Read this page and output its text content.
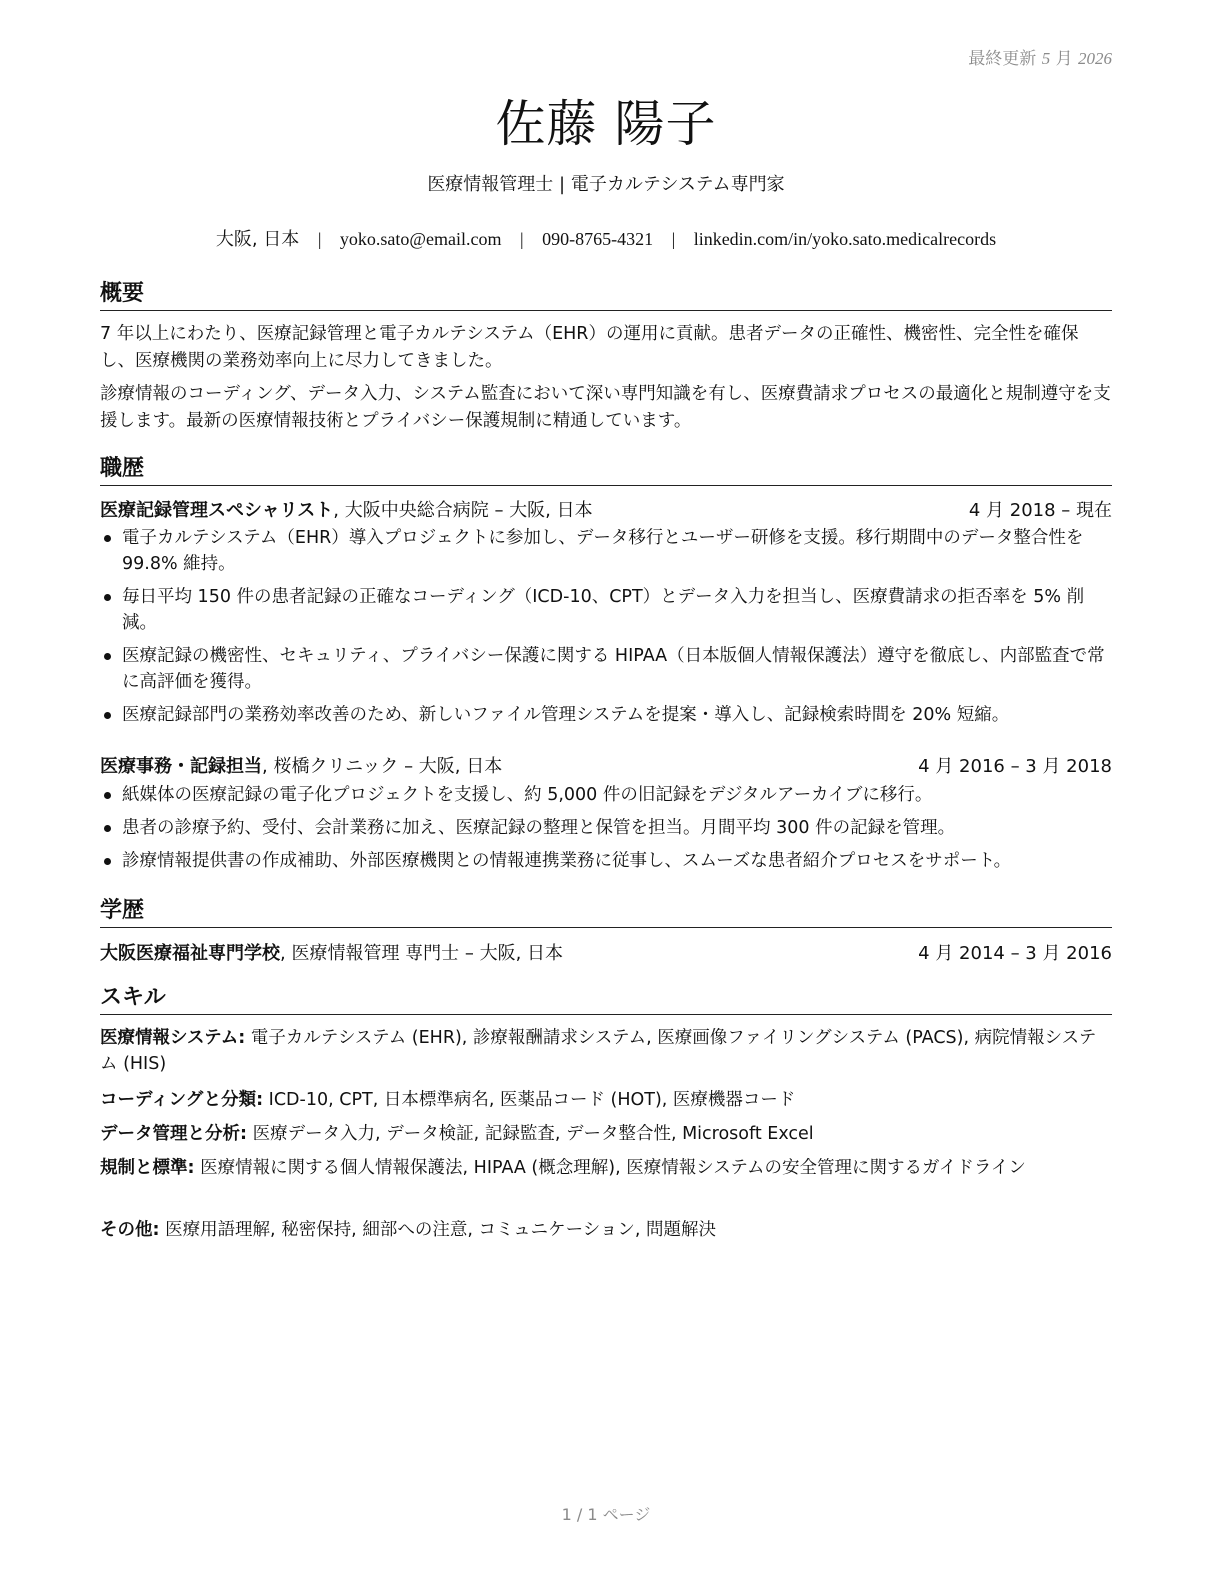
最終更新 5 月 2026
佐藤 陽子
医療情報管理士 | 電子カルテシステム専門家
大阪, 日本 | yoko.sato@email.com | 090-8765-4321 | linkedin.com/in/yoko.sato.medicalrecords
概要

7 年以上にわたり、医療記録管理と電子カルテシステム（EHR）の運用に貢献。患者データの正確性、機密性、完全性を確保し、医療機関の業務効率向上に尽力してきました。

診療情報のコーディング、データ入力、システム監査において深い専門知識を有し、医療費請求プロセスの最適化と規制遵守を支援します。最新の医療情報技術とプライバシー保護規制に精通しています。

職歴
医療記録管理スペシャリスト, 大阪中央総合病院 – 大阪, 日本	4 月 2018 – 現在
電子カルテシステム（EHR）導入プロジェクトに参加し、データ移行とユーザー研修を支援。移行期間中のデータ整合性を 99.8% 維持。
毎日平均 150 件の患者記録の正確なコーディング（ICD-10、CPT）とデータ入力を担当し、医療費請求の拒否率を 5% 削減。
医療記録の機密性、セキュリティ、プライバシー保護に関する HIPAA（日本版個人情報保護法）遵守を徹底し、内部監査で常に高評価を獲得。
医療記録部門の業務効率改善のため、新しいファイル管理システムを提案・導入し、記録検索時間を 20% 短縮。
医療事務・記録担当, 桜橋クリニック – 大阪, 日本	4 月 2016 – 3 月 2018
紙媒体の医療記録の電子化プロジェクトを支援し、約 5,000 件の旧記録をデジタルアーカイブに移行。
患者の診療予約、受付、会計業務に加え、医療記録の整理と保管を担当。月間平均 300 件の記録を管理。
診療情報提供書の作成補助、外部医療機関との情報連携業務に従事し、スムーズな患者紹介プロセスをサポート。
学歴
大阪医療福祉専門学校, 医療情報管理 専門士 – 大阪, 日本	4 月 2014 – 3 月 2016
スキル
医療情報システム: 電子カルテシステム (EHR), 診療報酬請求システム, 医療画像ファイリングシステム (PACS), 病院情報システム (HIS)
コーディングと分類: ICD-10, CPT, 日本標準病名, 医薬品コード (HOT), 医療機器コード
データ管理と分析: 医療データ入力, データ検証, 記録監査, データ整合性, Microsoft Excel
規制と標準: 医療情報に関する個人情報保護法, HIPAA (概念理解), 医療情報システムの安全管理に関するガイドライン
その他: 医療用語理解, 秘密保持, 細部への注意, コミュニケーション, 問題解決
1 / 1 ページ
